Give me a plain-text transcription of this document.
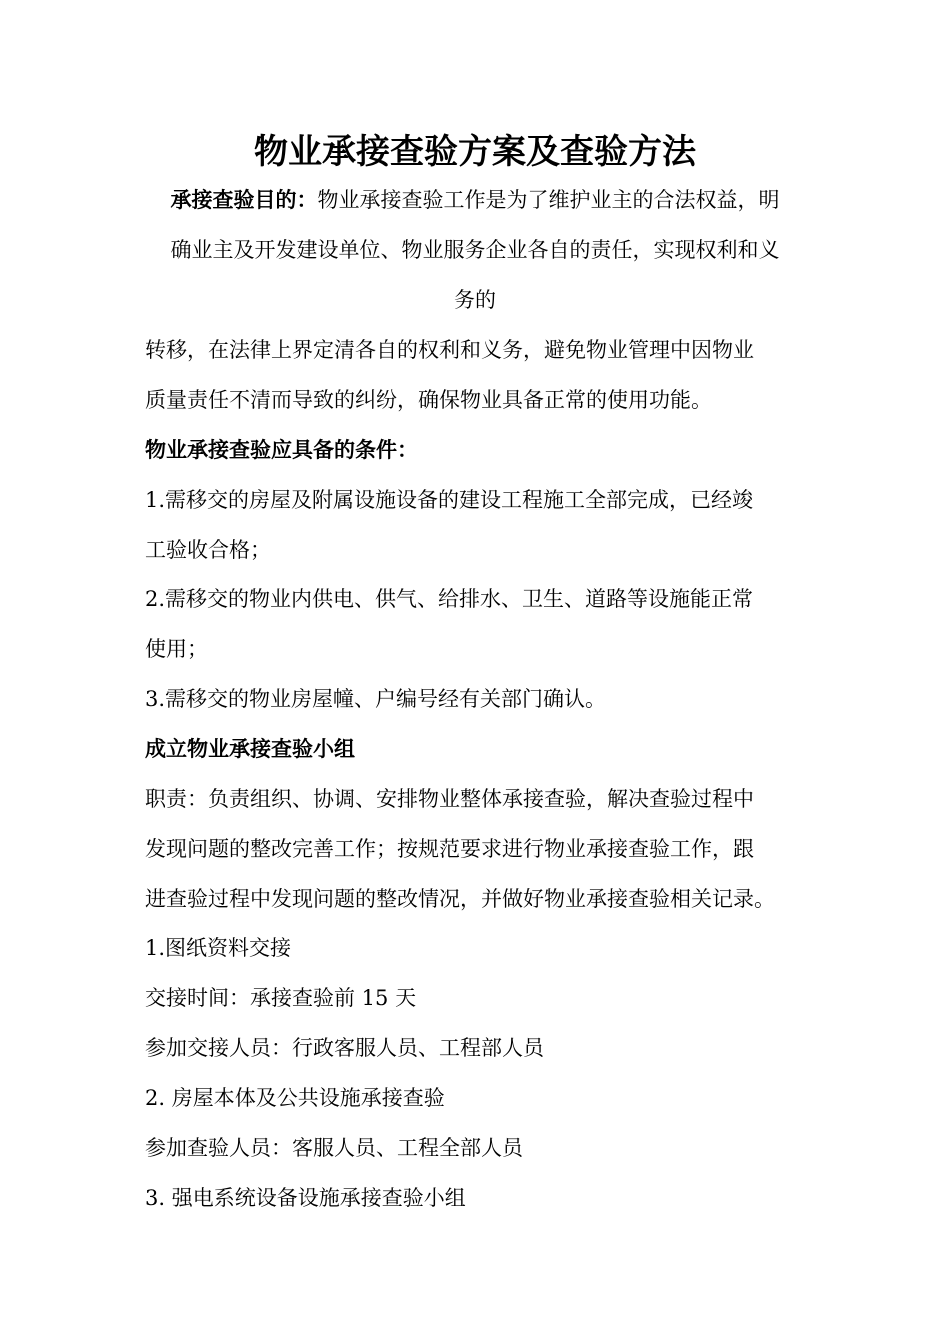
物业承接查验方案及查验方法

承接查验目的：物业承接查验工作是为了维护业主的合法权益，明

确业主及开发建设单位、物业服务企业各自的责任，实现权利和义

务的

转移，在法律上界定清各自的权利和义务，避免物业管理中因物业

质量责任不清而导致的纠纷，确保物业具备正常的使用功能。

物业承接查验应具备的条件：

1.需移交的房屋及附属设施设备的建设工程施工全部完成，已经竣

工验收合格；

2.需移交的物业内供电、供气、给排水、卫生、道路等设施能正常

使用；

3.需移交的物业房屋幢、户编号经有关部门确认。

成立物业承接查验小组

职责：负责组织、协调、安排物业整体承接查验，解决查验过程中

发现问题的整改完善工作；按规范要求进行物业承接查验工作，跟

进查验过程中发现问题的整改情况，并做好物业承接查验相关记录。

1.图纸资料交接

交接时间：承接查验前 15 天

参加交接人员：行政客服人员、工程部人员

2. 房屋本体及公共设施承接查验

参加查验人员：客服人员、工程全部人员

3. 强电系统设备设施承接查验小组
